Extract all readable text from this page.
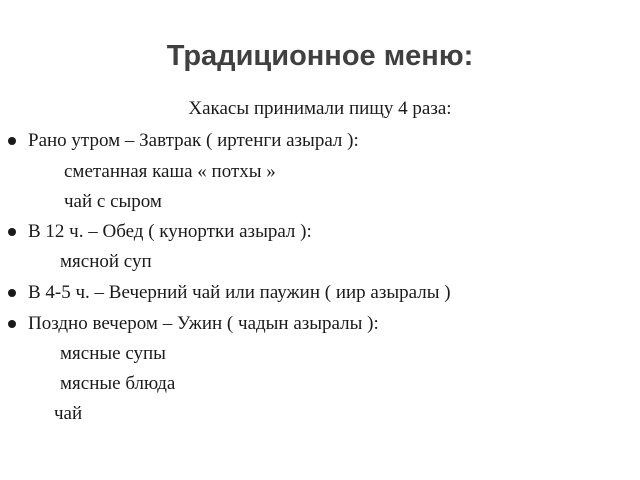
Традиционное меню:
Хакасы принимали пищу 4 раза:
Рано утром – Завтрак ( иртенги азырал ):
сметанная каша « потхы »
чай с сыром
В 12 ч. – Обед ( кунортки азырал ):
мясной суп
В 4-5 ч. – Вечерний чай или паужин ( иир азыралы )
Поздно вечером – Ужин ( чадын азыралы ):
мясные супы
мясные блюда
чай
